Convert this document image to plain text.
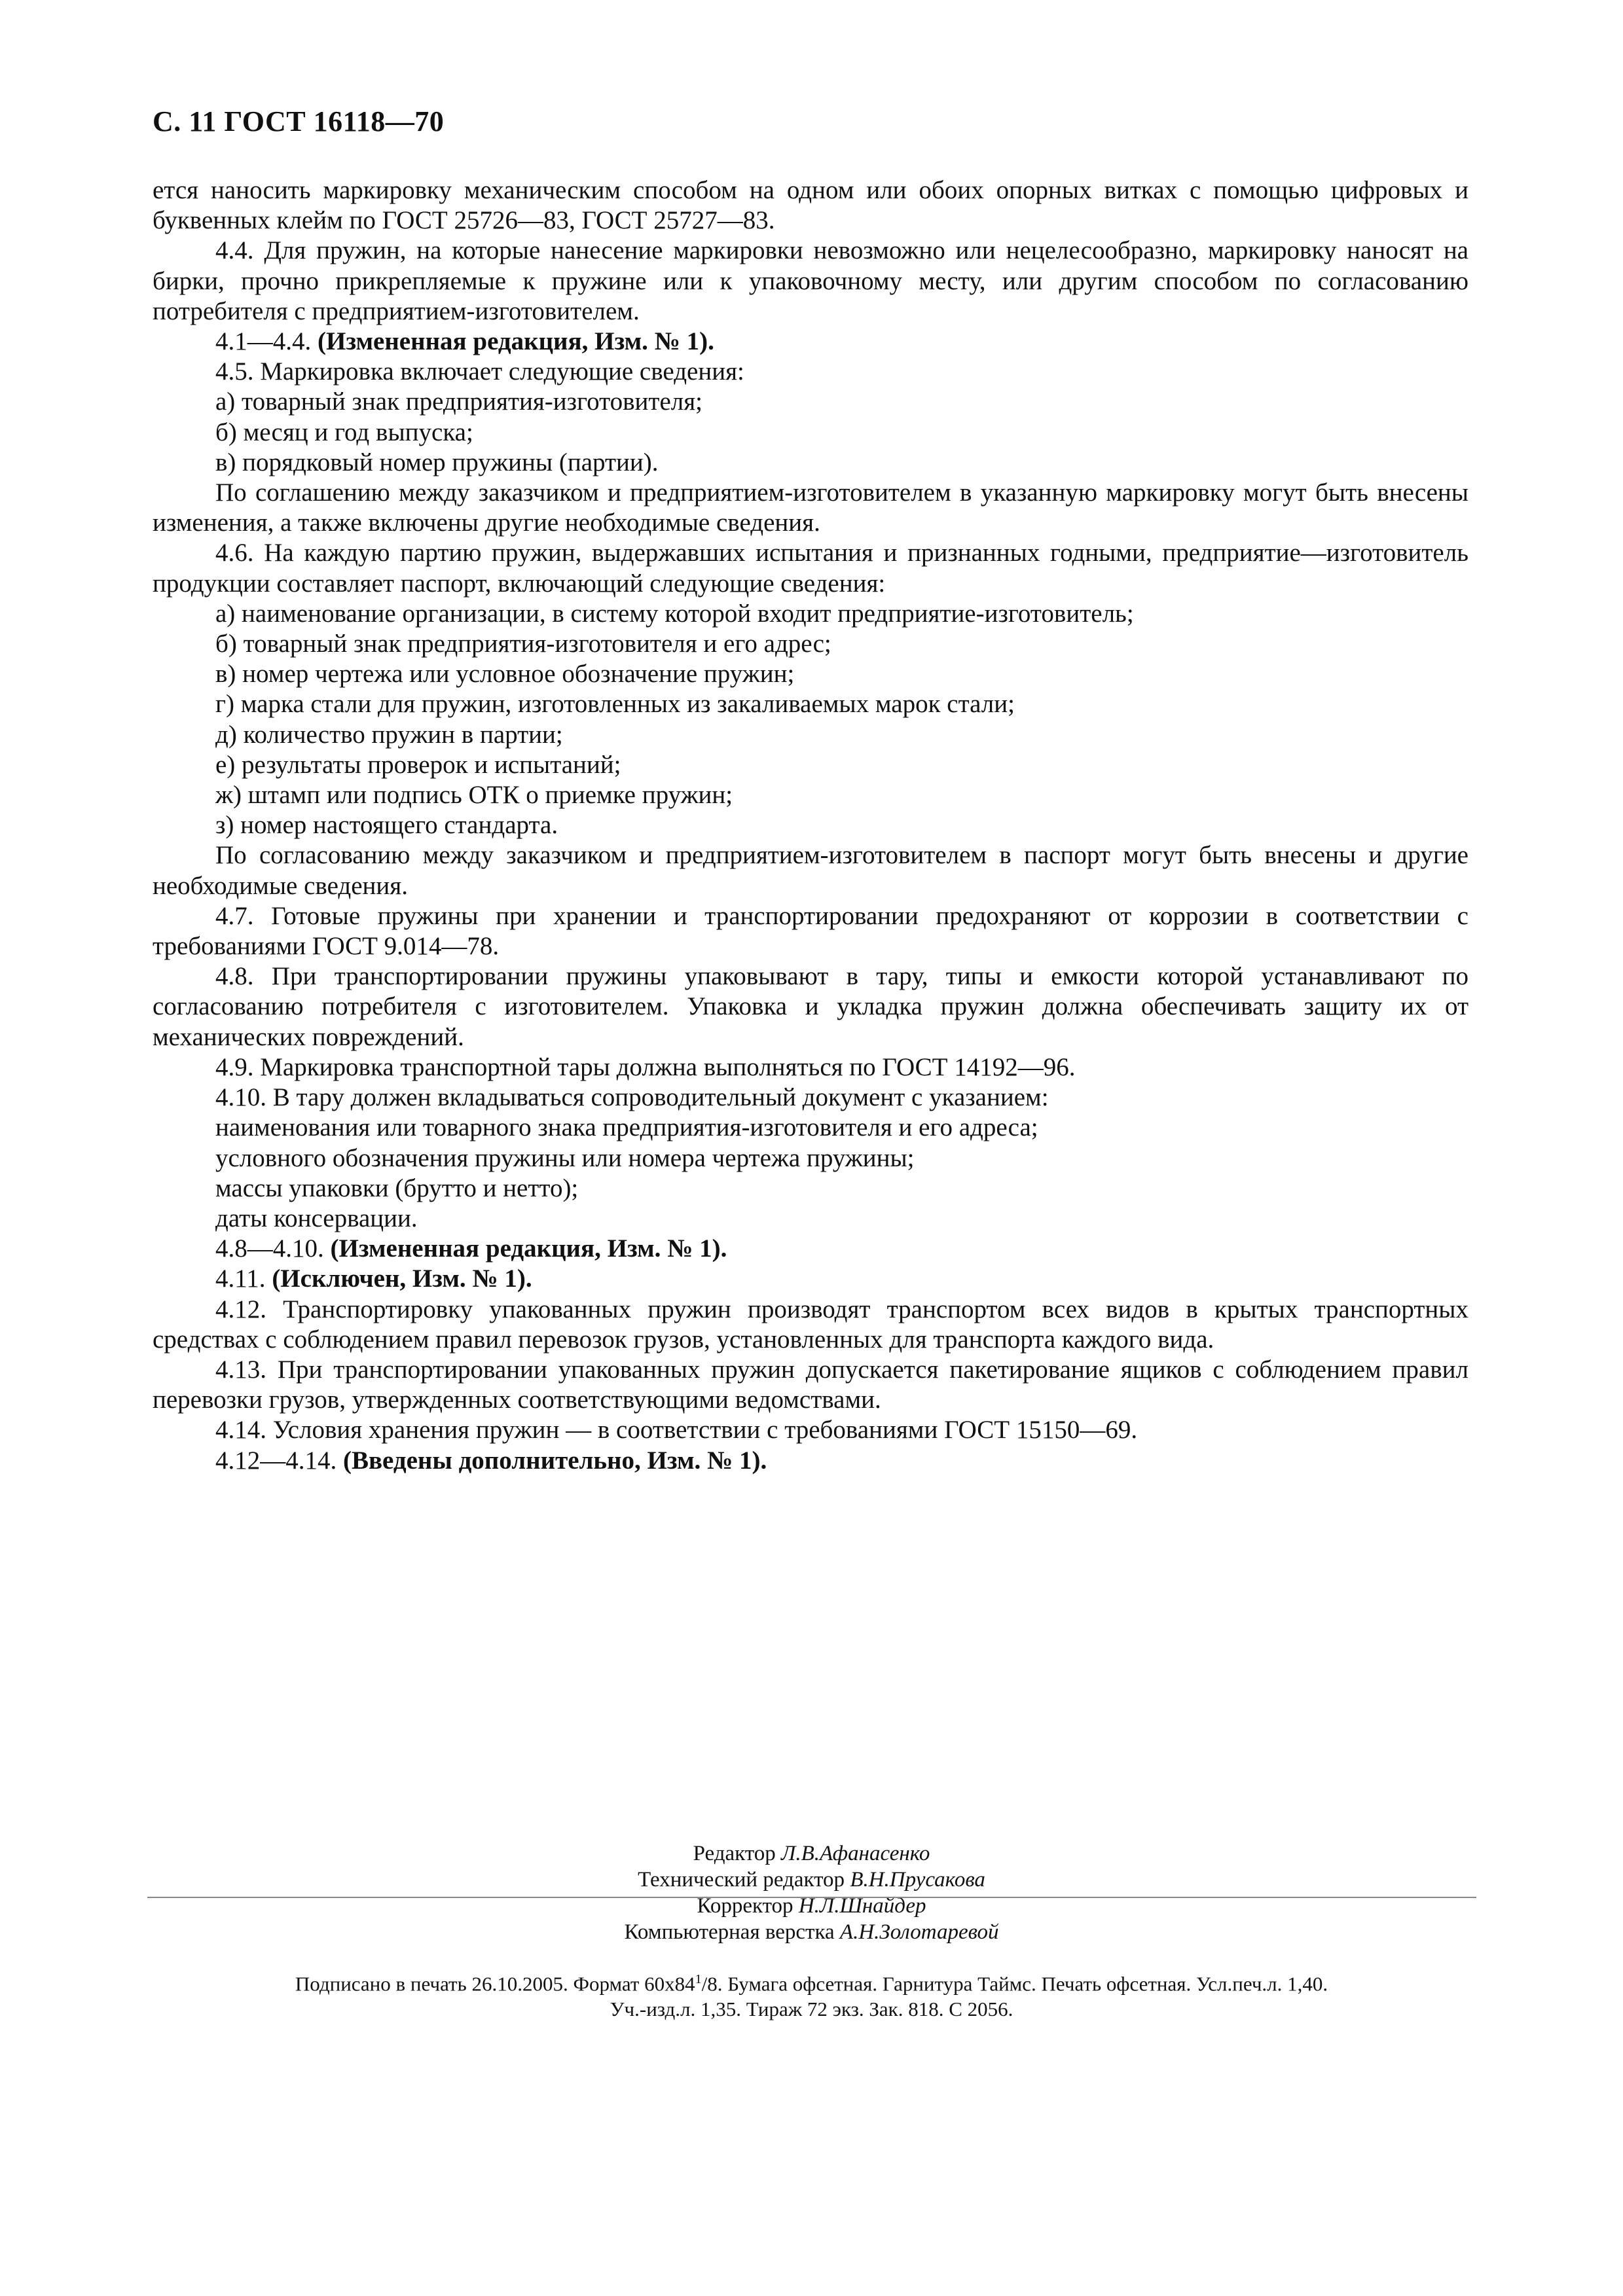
С. 11 ГОСТ 16118—70

ется наносить маркировку механическим способом на одном или обоих опорных витках с помощью цифровых и буквенных клейм по ГОСТ 25726—83, ГОСТ 25727—83.

4.4. Для пружин, на которые нанесение маркировки невозможно или нецелесообразно, маркировку наносят на бирки, прочно прикрепляемые к пружине или к упаковочному месту, или другим способом по согласованию потребителя с предприятием-изготовителем.

4.1—4.4. (Измененная редакция, Изм. № 1).

4.5. Маркировка включает следующие сведения:

а) товарный знак предприятия-изготовителя;

б) месяц и год выпуска;

в) порядковый номер пружины (партии).

По соглашению между заказчиком и предприятием-изготовителем в указанную маркировку могут быть внесены изменения, а также включены другие необходимые сведения.

4.6. На каждую партию пружин, выдержавших испытания и признанных годными, предприятие—изготовитель продукции составляет паспорт, включающий следующие сведения:

а) наименование организации, в систему которой входит предприятие-изготовитель;

б) товарный знак предприятия-изготовителя и его адрес;

в) номер чертежа или условное обозначение пружин;

г) марка стали для пружин, изготовленных из закаливаемых марок стали;

д) количество пружин в партии;

е) результаты проверок и испытаний;

ж) штамп или подпись ОТК о приемке пружин;

з) номер настоящего стандарта.

По согласованию между заказчиком и предприятием-изготовителем в паспорт могут быть внесены и другие необходимые сведения.

4.7. Готовые пружины при хранении и транспортировании предохраняют от коррозии в соответствии с требованиями ГОСТ 9.014—78.

4.8. При транспортировании пружины упаковывают в тару, типы и емкости которой устанавливают по согласованию потребителя с изготовителем. Упаковка и укладка пружин должна обеспечивать защиту их от механических повреждений.

4.9. Маркировка транспортной тары должна выполняться по ГОСТ 14192—96.

4.10. В тару должен вкладываться сопроводительный документ с указанием:

наименования или товарного знака предприятия-изготовителя и его адреса;

условного обозначения пружины или номера чертежа пружины;

массы упаковки (брутто и нетто);

даты консервации.

4.8—4.10. (Измененная редакция, Изм. № 1).

4.11. (Исключен, Изм. № 1).

4.12. Транспортировку упакованных пружин производят транспортом всех видов в крытых транспортных средствах с соблюдением правил перевозок грузов, установленных для транспорта каждого вида.

4.13. При транспортировании упакованных пружин допускается пакетирование ящиков с соблюдением правил перевозки грузов, утвержденных соответствующими ведомствами.

4.14. Условия хранения пружин — в соответствии с требованиями ГОСТ 15150—69.

4.12—4.14. (Введены дополнительно, Изм. № 1).

Редактор Л.В.Афанасенко
Технический редактор В.Н.Прусакова
Корректор Н.Л.Шнайдер
Компьютерная верстка А.Н.Золотаревой
Подписано в печать 26.10.2005. Формат $60х84^1/8$. Бумага офсетная. Гарнитура Таймс. Печать офсетная. Усл.печ.л. 1,40.
Уч.-изд.л. 1,35. Тираж 72 экз. Зак. 818. С 2056.
